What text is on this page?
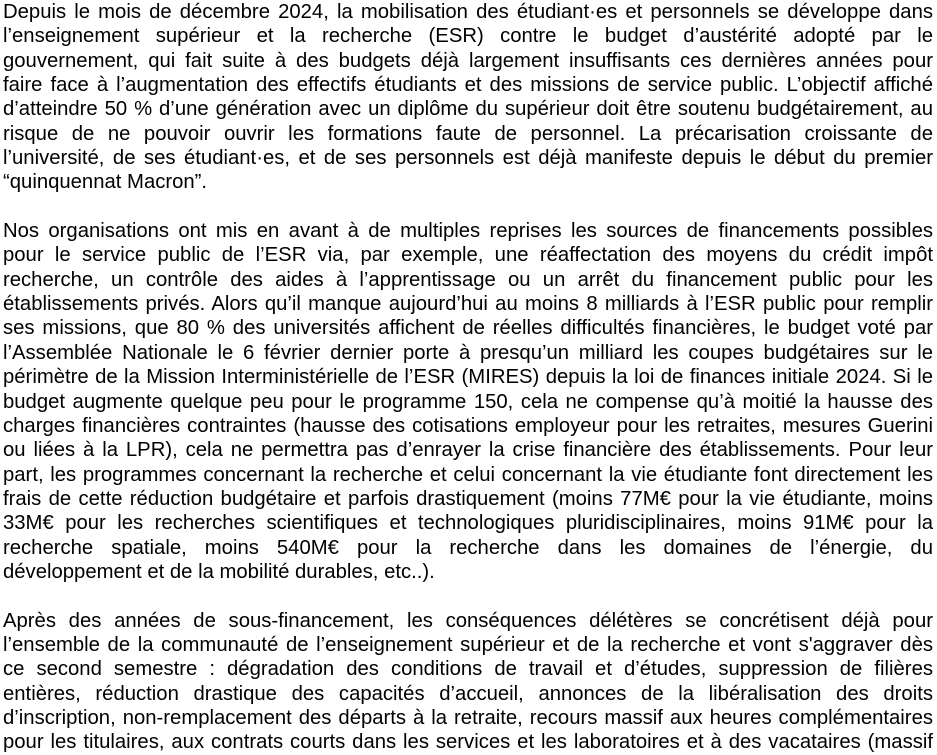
Depuis le mois de décembre 2024, la mobilisation des étudiant·es et personnels se développe dans
l’enseignement supérieur et la recherche (ESR) contre le budget d’austérité adopté par le
gouvernement, qui fait suite à des budgets déjà largement insuffisants ces dernières années pour
faire face à l’augmentation des effectifs étudiants et des missions de service public. L’objectif affiché
d’atteindre 50 % d’une génération avec un diplôme du supérieur doit être soutenu budgétairement, au
risque de ne pouvoir ouvrir les formations faute de personnel. La précarisation croissante de
l’université, de ses étudiant·es, et de ses personnels est déjà manifeste depuis le début du premier
“quinquennat Macron”.

Nos organisations ont mis en avant à de multiples reprises les sources de financements possibles
pour le service public de l’ESR via, par exemple, une réaffectation des moyens du crédit impôt
recherche, un contrôle des aides à l’apprentissage ou un arrêt du financement public pour les
établissements privés. Alors qu’il manque aujourd’hui au moins 8 milliards à l’ESR public pour remplir
ses missions, que 80 % des universités affichent de réelles difficultés financières, le budget voté par
l’Assemblée Nationale le 6 février dernier porte à presqu’un milliard les coupes budgétaires sur le
périmètre de la Mission Interministérielle de l’ESR (MIRES) depuis la loi de finances initiale 2024. Si le
budget augmente quelque peu pour le programme 150, cela ne compense qu’à moitié la hausse des
charges financières contraintes (hausse des cotisations employeur pour les retraites, mesures Guerini
ou liées à la LPR), cela ne permettra pas d’enrayer la crise financière des établissements. Pour leur
part, les programmes concernant la recherche et celui concernant la vie étudiante font directement les
frais de cette réduction budgétaire et parfois drastiquement (moins 77M€ pour la vie étudiante, moins
33M€ pour les recherches scientifiques et technologiques pluridisciplinaires, moins 91M€ pour la
recherche spatiale, moins 540M€ pour la recherche dans les domaines de l’énergie, du
développement et de la mobilité durables, etc..).

Après des années de sous-financement, les conséquences délétères se concrétisent déjà pour
l’ensemble de la communauté de l’enseignement supérieur et de la recherche et vont s'aggraver dès
ce second semestre : dégradation des conditions de travail et d’études, suppression de filières
entières, réduction drastique des capacités d’accueil, annonces de la libéralisation des droits
d’inscription, non-remplacement des départs à la retraite, recours massif aux heures complémentaires
pour les titulaires, aux contrats courts dans les services et les laboratoires et à des vacataires (massif
